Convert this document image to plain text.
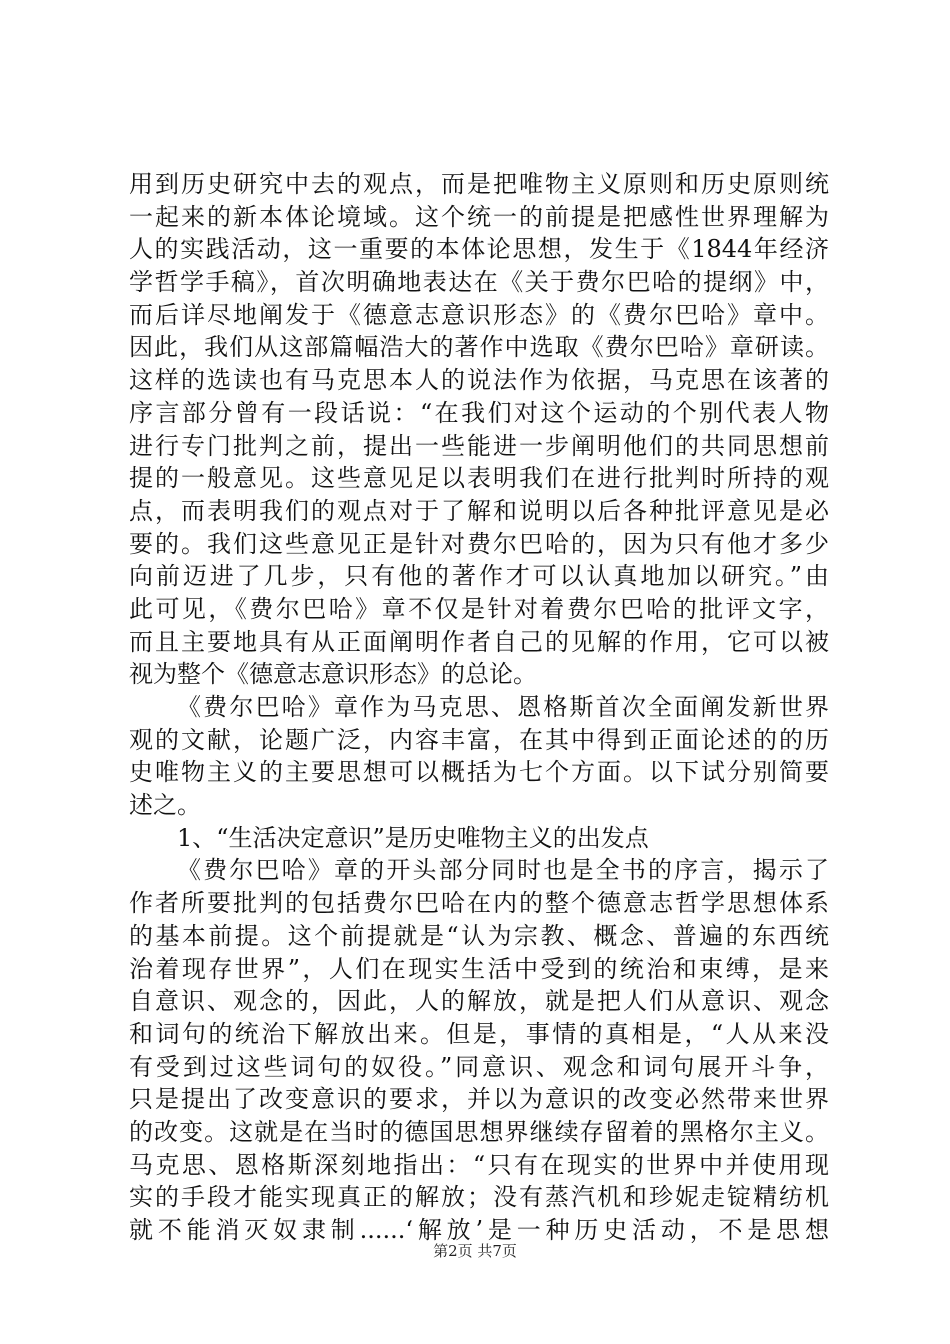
用到历史研究中去的观点，而是把唯物主义原则和历史原则统
一起来的新本体论境域。这个统一的前提是把感性世界理解为
人的实践活动，这一重要的本体论思想，发生于《1844年经济
学哲学手稿》，首次明确地表达在《关于费尔巴哈的提纲》中，
而后详尽地阐发于《德意志意识形态》的《费尔巴哈》章中。
因此，我们从这部篇幅浩大的著作中选取《费尔巴哈》章研读。
这样的选读也有马克思本人的说法作为依据，马克思在该著的
序言部分曾有一段话说：“在我们对这个运动的个别代表人物
进行专门批判之前，提出一些能进一步阐明他们的共同思想前
提的一般意见。这些意见足以表明我们在进行批判时所持的观
点，而表明我们的观点对于了解和说明以后各种批评意见是必
要的。我们这些意见正是针对费尔巴哈的，因为只有他才多少
向前迈进了几步，只有他的著作才可以认真地加以研究。”由
此可见，《费尔巴哈》章不仅是针对着费尔巴哈的批评文字，
而且主要地具有从正面阐明作者自己的见解的作用，它可以被
视为整个《德意志意识形态》的总论。
《费尔巴哈》章作为马克思、恩格斯首次全面阐发新世界
观的文献，论题广泛，内容丰富，在其中得到正面论述的的历
史唯物主义的主要思想可以概括为七个方面。以下试分别简要
述之。
1、“生活决定意识”是历史唯物主义的出发点
《费尔巴哈》章的开头部分同时也是全书的序言，揭示了
作者所要批判的包括费尔巴哈在内的整个德意志哲学思想体系
的基本前提。这个前提就是“认为宗教、概念、普遍的东西统
治着现存世界”，人们在现实生活中受到的统治和束缚，是来
自意识、观念的，因此，人的解放，就是把人们从意识、观念
和词句的统治下解放出来。但是，事情的真相是，“人从来没
有受到过这些词句的奴役。”同意识、观念和词句展开斗争，
只是提出了改变意识的要求，并以为意识的改变必然带来世界
的改变。这就是在当时的德国思想界继续存留着的黑格尔主义。
马克思、恩格斯深刻地指出：“只有在现实的世界中并使用现
实的手段才能实现真正的解放；没有蒸汽机和珍妮走锭精纺机
就不能消灭奴隶制......‘解放’是一种历史活动，不是思想
第2页 共7页
